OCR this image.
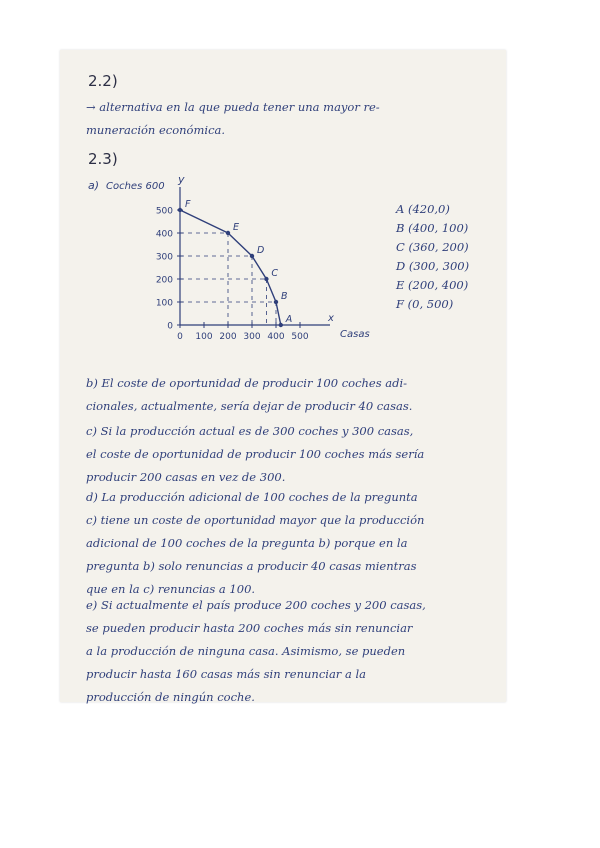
2.2)
→ alternativa en la que pueda tener una mayor re-
muneración económica.
2.3)
a) Coches 600
y
x
Casas
500
400
300
200
100
0
0 100 200 300 400 500
F
E
D
C
B
A
A (420,0)
B (400, 100)
C (360, 200)
D (300, 300)
E (200, 400)
F (0, 500)
b) El coste de oportunidad de producir 100 coches adi-
cionales, actualmente, sería dejar de producir 40 casas.
c) Si la producción actual es de 300 coches y 300 casas,
el coste de oportunidad de producir 100 coches más sería
producir 200 casas en vez de 300.
d) La producción adicional de 100 coches de la pregunta
c) tiene un coste de oportunidad mayor que la producción
adicional de 100 coches de la pregunta b) porque en la
pregunta b) solo renuncias a producir 40 casas mientras
que en la c) renuncias a 100.
e) Si actualmente el país produce 200 coches y 200 casas,
se pueden producir hasta 200 coches más sin renunciar
a la producción de ninguna casa. Asimismo, se pueden
producir hasta 160 casas más sin renunciar a la
producción de ningún coche.
